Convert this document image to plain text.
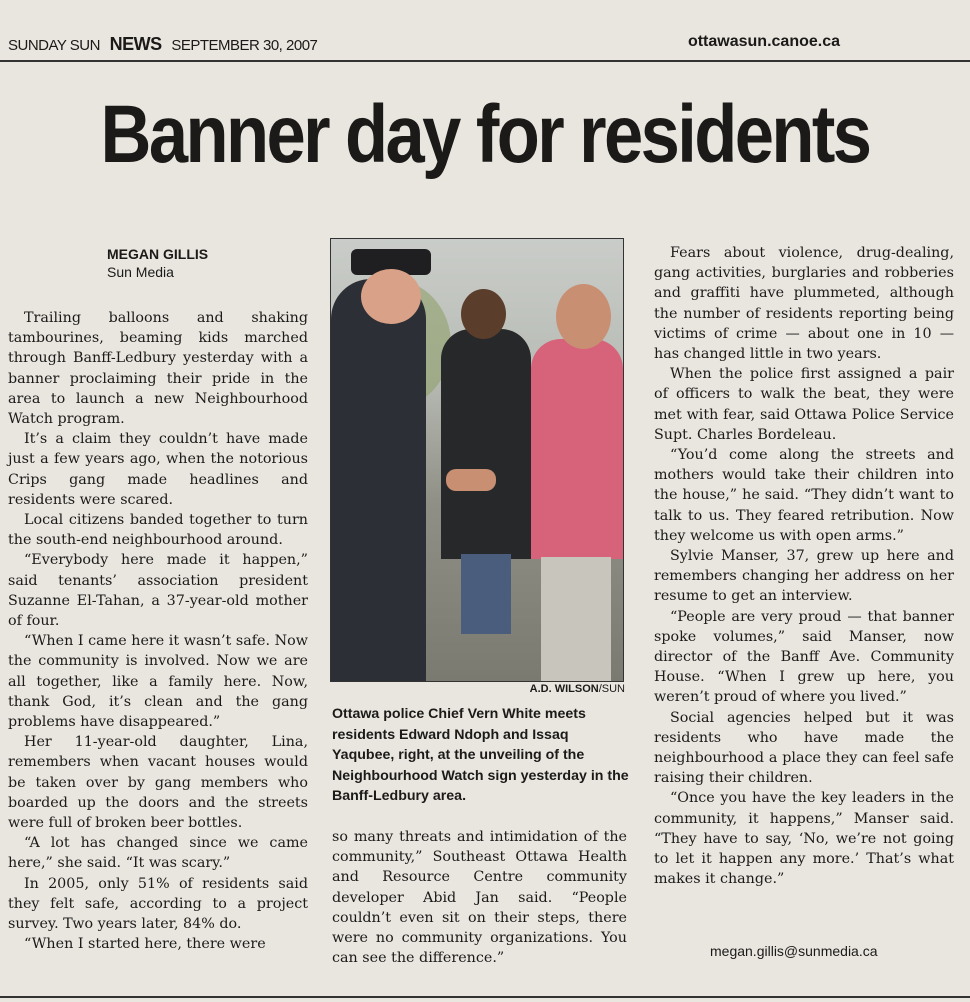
SUNDAY SUN NEWS SEPTEMBER 30, 2007	ottawasun.canoe.ca
Banner day for residents
MEGAN GILLIS
Sun Media

Trailing balloons and shaking tambourines, beaming kids marched through Banff-Ledbury yesterday with a banner proclaiming their pride in the area to launch a new Neighbourhood Watch program.

It’s a claim they couldn’t have made just a few years ago, when the notorious Crips gang made headlines and residents were scared.

Local citizens banded together to turn the south-end neighbourhood around.

“Everybody here made it happen,” said tenants’ association president Suzanne El-Tahan, a 37-year-old mother of four.

“When I came here it wasn’t safe. Now the community is involved. Now we are all together, like a family here. Now, thank God, it’s clean and the gang problems have disappeared.”

Her 11-year-old daughter, Lina, remembers when vacant houses would be taken over by gang members who boarded up the doors and the streets were full of broken beer bottles.

“A lot has changed since we came here,” she said. “It was scary.”

In 2005, only 51% of residents said they felt safe, according to a project survey. Two years later, 84% do.

“When I started here, there were

A.D. WILSON/SUN
Ottawa police Chief Vern White meets residents Edward Ndoph and Issaq Yaqubee, right, at the unveiling of the Neighbourhood Watch sign yesterday in the Banff-Ledbury area.

so many threats and intimidation of the community,” Southeast Ottawa Health and Resource Centre community developer Abid Jan said. “People couldn’t even sit on their steps, there were no community organizations. You can see the difference.”

Fears about violence, drug-dealing, gang activities, burglaries and robberies and graffiti have plummeted, although the number of residents reporting being victims of crime — about one in 10 — has changed little in two years.

When the police first assigned a pair of officers to walk the beat, they were met with fear, said Ottawa Police Service Supt. Charles Bordeleau.

“You’d come along the streets and mothers would take their children into the house,” he said. “They didn’t want to talk to us. They feared retribution. Now they welcome us with open arms.”

Sylvie Manser, 37, grew up here and remembers changing her address on her resume to get an interview.

“People are very proud — that banner spoke volumes,” said Manser, now director of the Banff Ave. Community House. “When I grew up here, you weren’t proud of where you lived.”

Social agencies helped but it was residents who have made the neighbourhood a place they can feel safe raising their children.

“Once you have the key leaders in the community, it happens,” Manser said. “They have to say, ‘No, we’re not going to let it happen any more.’ That’s what makes it change.”

megan.gillis@sunmedia.ca
